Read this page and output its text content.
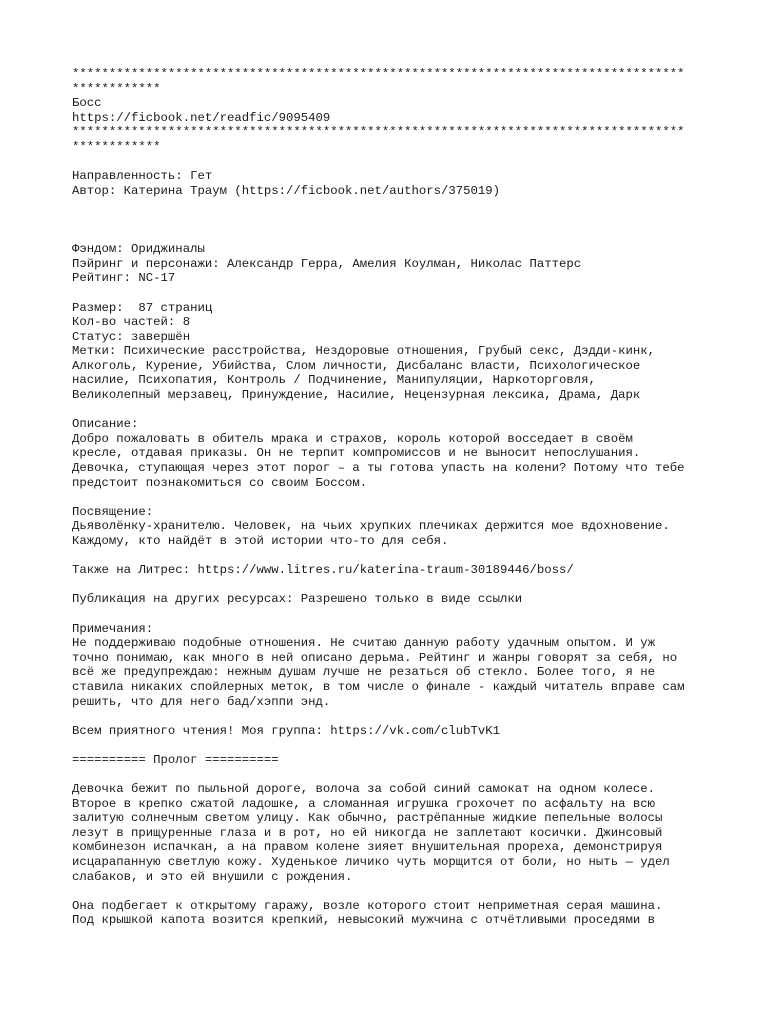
***********************************************************************************
************
Босс
https://ficbook.net/readfic/9095409
***********************************************************************************
************
Направленность: Гет
Автор: Катерина Траум (https://ficbook.net/authors/375019)
Фэндом: Ориджиналы
Пэйринг и персонажи: Александр Герра, Амелия Коулман, Николас Паттерс
Рейтинг: NC-17
Размер:  87 страниц
Кол-во частей: 8
Статус: завершён
Метки: Психические расстройства, Нездоровые отношения, Грубый секс, Дэдди-кинк,
Алкоголь, Курение, Убийства, Слом личности, Дисбаланс власти, Психологическое
насилие, Психопатия, Контроль / Подчинение, Манипуляции, Наркоторговля,
Великолепный мерзавец, Принуждение, Насилие, Нецензурная лексика, Драма, Дарк
Описание:
Добро пожаловать в обитель мрака и страхов, король которой восседает в своём
кресле, отдавая приказы. Он не терпит компромиссов и не выносит непослушания.
Девочка, ступающая через этот порог – а ты готова упасть на колени? Потому что тебе
предстоит познакомиться со своим Боссом.
Посвящение:
Дьяволёнку-хранителю. Человек, на чьих хрупких плечиках держится мое вдохновение.
Каждому, кто найдёт в этой истории что-то для себя.
Также на Литрес: https://www.litres.ru/katerina-traum-30189446/boss/
Публикация на других ресурсах: Разрешено только в виде ссылки
Примечания:
Не поддерживаю подобные отношения. Не считаю данную работу удачным опытом. И уж
точно понимаю, как много в ней описано дерьма. Рейтинг и жанры говорят за себя, но
всё же предупреждаю: нежным душам лучше не резаться об стекло. Более того, я не
ставила никаких спойлерных меток, в том числе о финале - каждый читатель вправе сам
решить, что для него бад/хэппи энд.
Всем приятного чтения! Моя группа: https://vk.com/clubTvK1
========== Пролог ==========
Девочка бежит по пыльной дороге, волоча за собой синий самокат на одном колесе.
Второе в крепко сжатой ладошке, а сломанная игрушка грохочет по асфальту на всю
залитую солнечным светом улицу. Как обычно, растрёпанные жидкие пепельные волосы
лезут в прищуренные глаза и в рот, но ей никогда не заплетают косички. Джинсовый
комбинезон испачкан, а на правом колене зияет внушительная прореха, демонстрируя
исцарапанную светлую кожу. Худенькое личико чуть морщится от боли, но ныть — удел
слабаков, и это ей внушили с рождения.
Она подбегает к открытому гаражу, возле которого стоит неприметная серая машина.
Под крышкой капота возится крепкий, невысокий мужчина с отчётливыми проседями в
